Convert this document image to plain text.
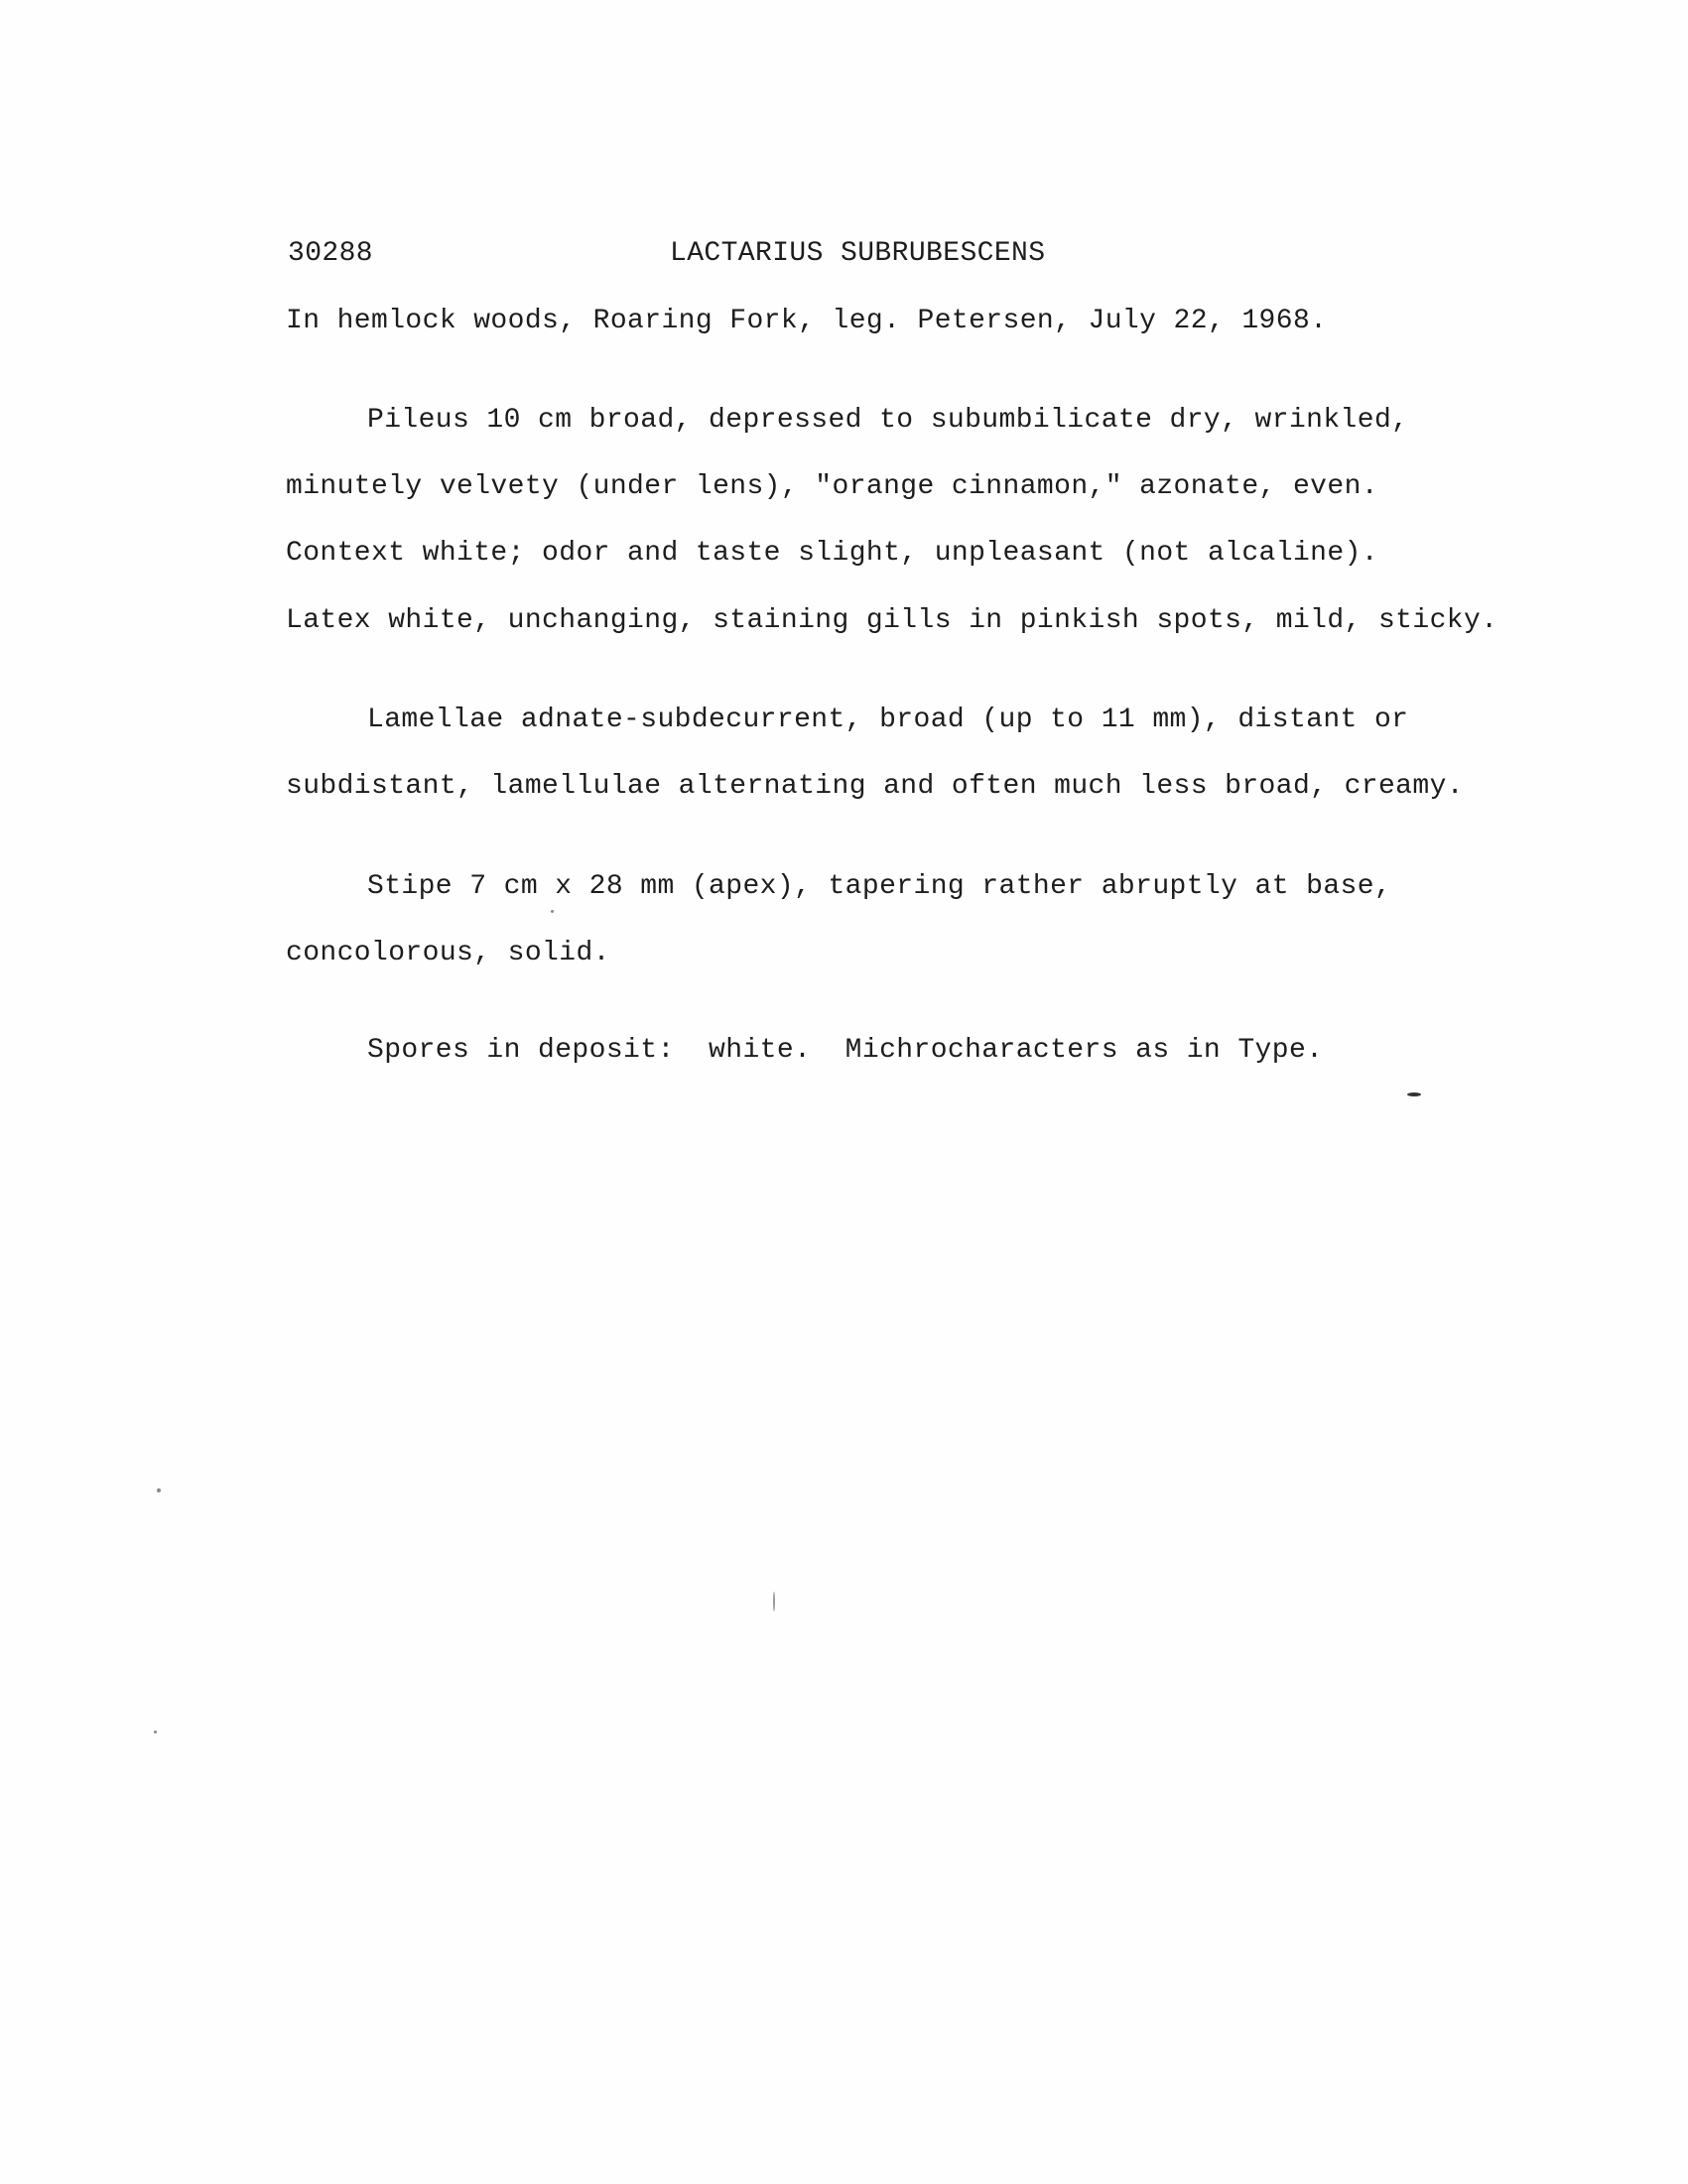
30288

	LACTARIUS SUBRUBESCENS

In hemlock woods, Roaring Fork, leg. Petersen, July 22, 1968.

Pileus 10 cm broad, depressed to subumbilicate dry, wrinkled,

minutely velvety (under lens), "orange cinnamon," azonate, even.

Context white; odor and taste slight, unpleasant (not alcaline).

Latex white, unchanging, staining gills in pinkish spots, mild, sticky.

Lamellae adnate-subdecurrent, broad (up to 11 mm), distant or

subdistant, lamellulae alternating and often much less broad, creamy.

Stipe 7 cm x 28 mm (apex), tapering rather abruptly at base,

concolorous, solid.

Spores in deposit:  white.  Michrocharacters as in Type.
